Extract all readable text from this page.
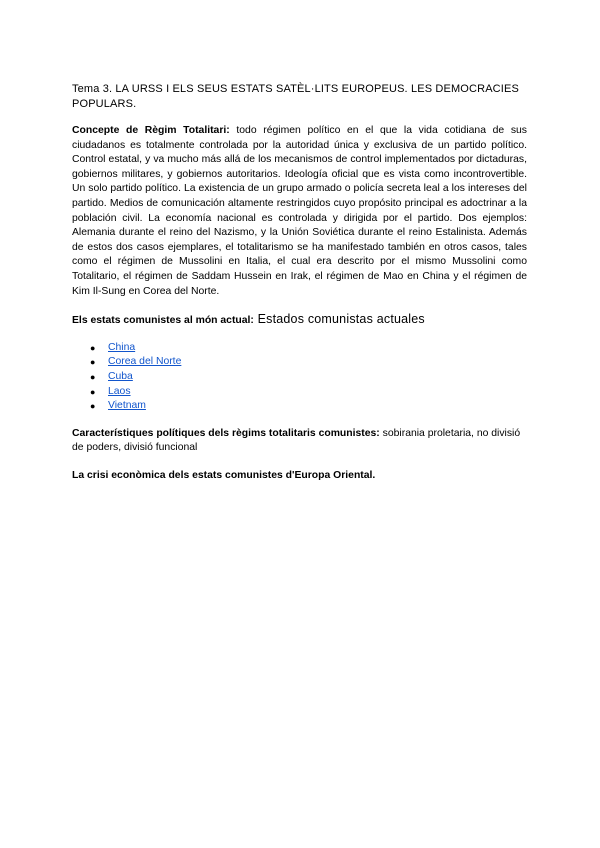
Tema 3. LA URSS I ELS SEUS ESTATS SATÈL·LITS EUROPEUS. LES DEMOCRACIES POPULARS.

Concepte de Règim Totalitari: todo régimen político en el que la vida cotidiana de sus ciudadanos es totalmente controlada por la autoridad única y exclusiva de un partido político. Control estatal, y va mucho más allá de los mecanismos de control implementados por dictaduras, gobiernos militares, y gobiernos autoritarios. Ideología oficial que es vista como incontrovertible. Un solo partido político. La existencia de un grupo armado o policía secreta leal a los intereses del partido. Medios de comunicación altamente restringidos cuyo propósito principal es adoctrinar a la población civil. La economía nacional es controlada y dirigida por el partido. Dos ejemplos: Alemania durante el reino del Nazismo, y la Unión Soviética durante el reino Estalinista. Además de estos dos casos ejemplares, el totalitarismo se ha manifestado también en otros casos, tales como el régimen de Mussolini en Italia, el cual era descrito por el mismo Mussolini como Totalitario, el régimen de Saddam Hussein en Irak, el régimen de Mao en China y el régimen de Kim Il-Sung en Corea del Norte.

Els estats comunistes al món actual: Estados comunistas actuales

● China
● Corea del Norte
● Cuba
● Laos
● Vietnam

Característiques polítiques dels règims totalitaris comunistes: sobirania proletaria, no divisió de poders, divisió funcional

La crisi econòmica dels estats comunistes d'Europa Oriental.
